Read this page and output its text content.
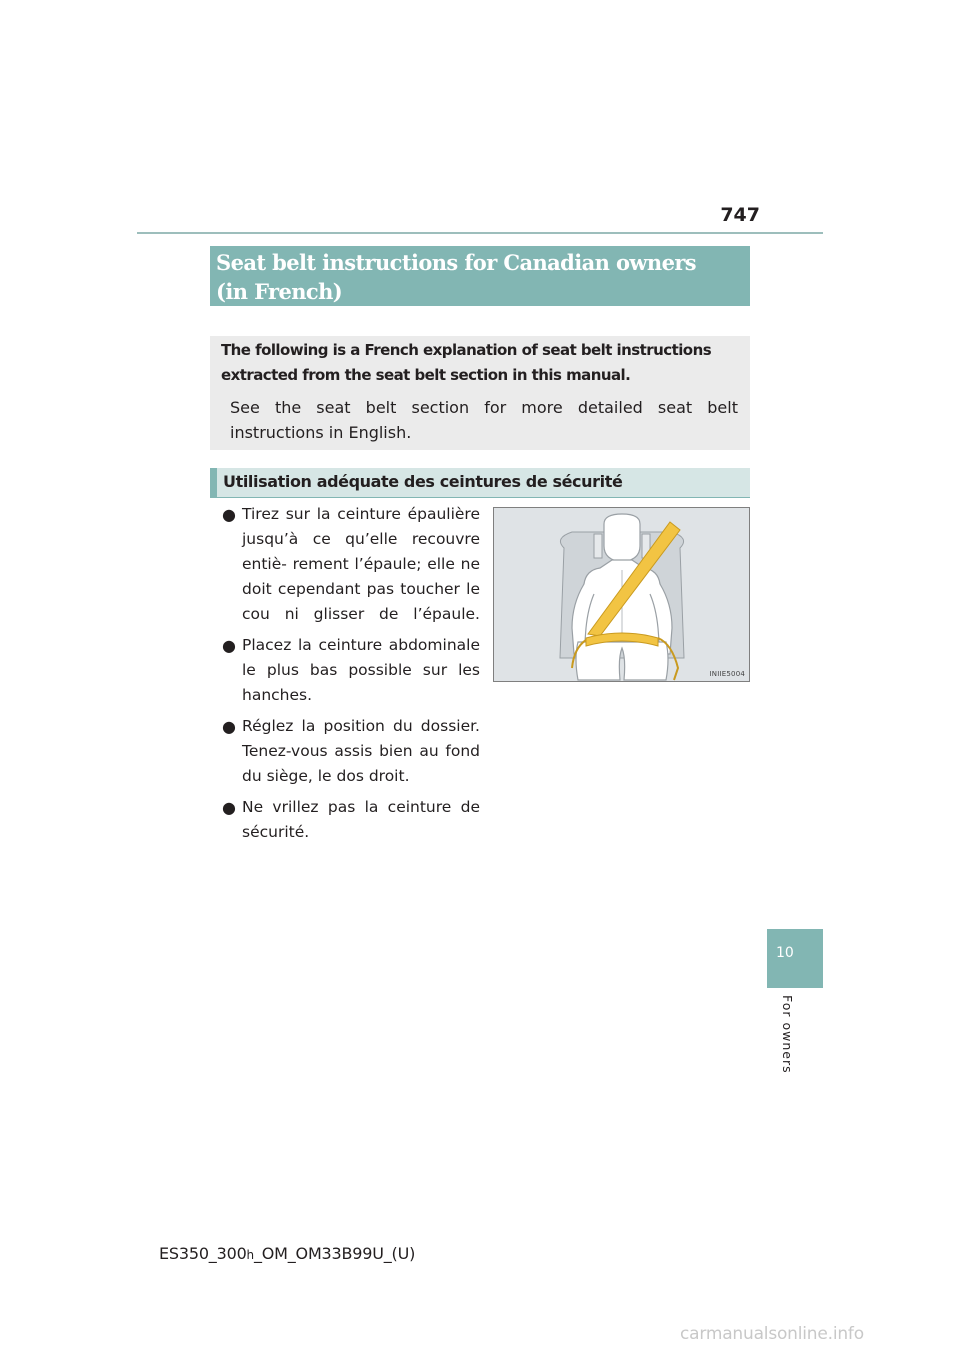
747
Seat belt instructions for Canadian owners
(in French)

The following is a French explanation of seat belt instructions extracted from the seat belt section in this manual.

See the seat belt section for more detailed seat belt instructions in English.

Utilisation adéquate des ceintures de sécurité
● Tirez sur la ceinture épaulière jusqu’à ce qu’elle recouvre entiè- rement l’épaule; elle ne doit cependant pas toucher le cou ni glisser de l’épaule.
● Placez la ceinture abdominale le plus bas possible sur les hanches.
● Réglez la position du dossier. Tenez-vous assis bien au fond du siège, le dos droit.
● Ne vrillez pas la ceinture de sécurité.
INIIE5004
10
For owners
ES350_300h_OM_OM33B99U_(U)
carmanualsonline.info
